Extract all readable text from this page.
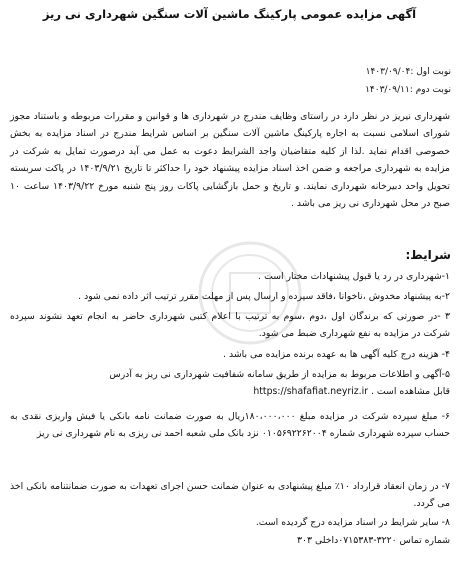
آگهی مزایده عمومی پارکینگ ماشین آلات سنگین شهرداری نی ریز
نوبت اول :۱۴۰۳/۰۹/۰۴
نوبت دوم :۱۴۰۳/۰۹/۱۱
شهرداری نیریز در نظر دارد در راستای وظایف مندرج در شهرداری ها و قوانین و مقررات مربوطه و باستناد مجوز شورای اسلامی نسبت به اجاره پارکینگ ماشین آلات سنگین بر اساس شرایط مندرج در اسناد مزایده به بخش خصوصی اقدام نماید .لذا از کلیه متقاضیان واجد الشرایط دعوت به عمل می آید درصورت تمایل به شرکت در مزایده به شهرداری مراجعه و ضمن اخذ اسناد مزایده پیشنهاد خود را حداکثر تا تاریخ ۱۴۰۳/۹/۲۱ در پاکت سربسته تحویل واحد دبیرخانه شهرداری نمایند. و تاریخ و حمل بازگشایی پاکات روز پنج شنبه مورخ ۱۴۰۳/۹/۲۲ ساعت ۱۰ صبح در محل شهرداری نی ریز می باشد .
شرایط:
۱-شهرداری در رد یا قبول پیشنهادات مختار است .
۲-به پیشنهاد مخدوش ،ناخوانا ،فاقد سپرده و ارسال پس از مهلت مقرر ترتیب اثر داده نمی شود .
۳ -در صورتی که برندگان اول ،دوم ،سوم به ترتیب با اعلام کتبی شهرداری حاضر به انجام تعهد نشوند سپرده شرکت در مزایده به نفع شهرداری ضبط می شود.
۴- هزینه درج کلیه آگهی ها به عهده برنده مزایده می باشد .
۵-آگهی و اطلاعات مربوط به مزایده از طریق سامانه شفافیت شهرداری نی ریز به آدرس
قابل مشاهده است . https://shafafiat.neyriz.ir
۶- مبلغ سپرده شرکت در مزایده مبلغ ۱۸۰،۰۰۰،۰۰۰ریال به صورت ضمانت نامه بانکی یا فیش واریزی نقدی به حساب سپرده شهرداری شماره ۰۱۰۵۶۹۲۲۶۲۰۰۴ نزد بانک ملی شعبه احمد نی ریزی به نام شهرداری نی ریز
۷- در زمان انعقاد قرارداد ۱۰٪ مبلغ پیشنهادی به عنوان ضمانت حسن اجرای تعهدات به صورت ضمانتنامه بانکی اخذ می گردد.
۸- سایر شرایط در اسناد مزایده درج گردیده است.
شماره تماس ۳۲۲۰-۰۷۱۵۳۸۳داخلی ۳۰۳
